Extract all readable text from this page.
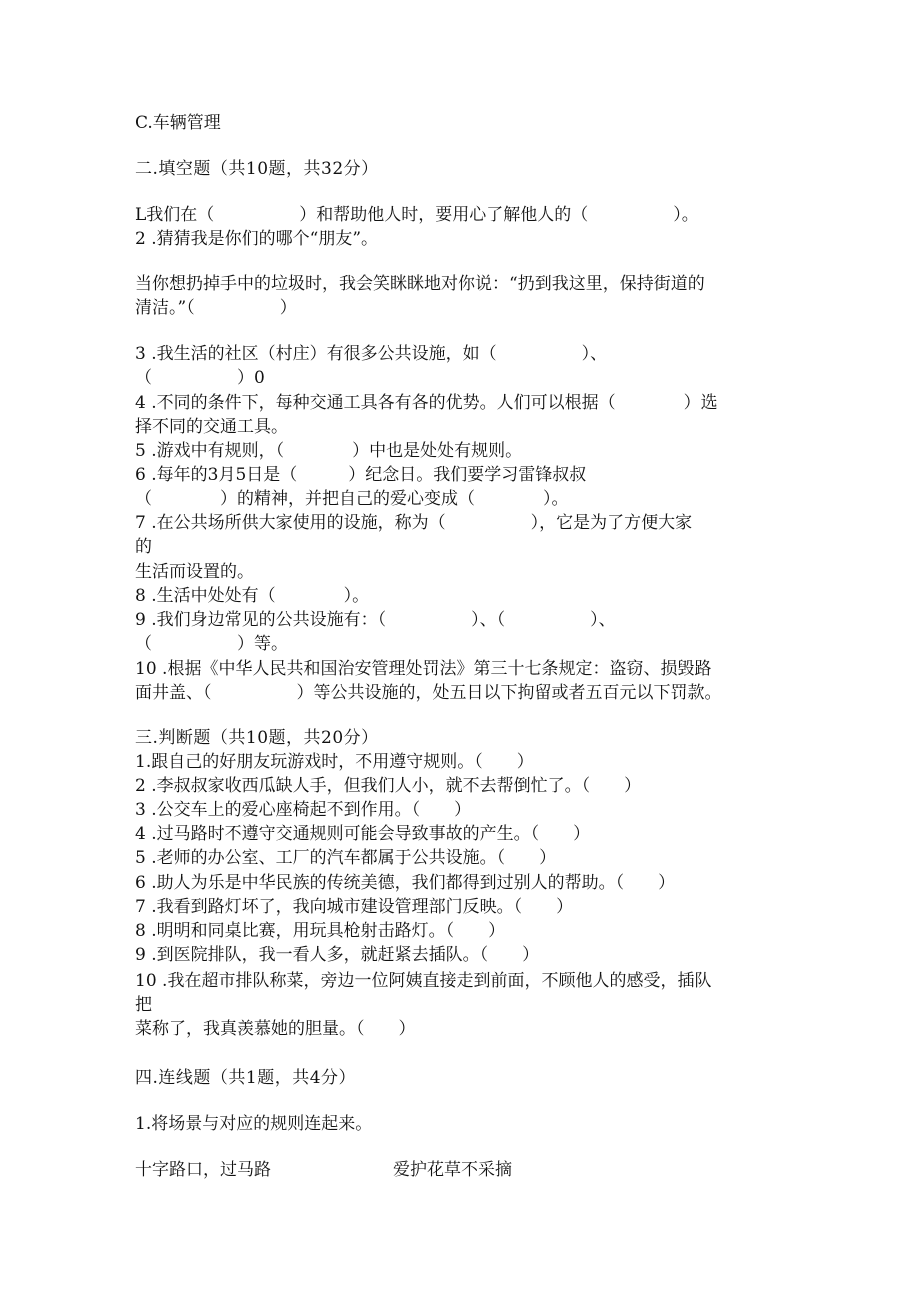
C.车辆管理
二.填空题（共10题，共32分）
L我们在（　　　　　）和帮助他人时，要用心了解他人的（　　　　　）。
2 .猜猜我是你们的哪个“朋友”。
当你想扔掉手中的垃圾时，我会笑眯眯地对你说：“扔到我这里，保持街道的
清洁。”（　　　　　）
3 .我生活的社区（村庄）有很多公共设施，如（　　　　　）、
（　　　　　）0
4 .不同的条件下，每种交通工具各有各的优势。人们可以根据（　　　　）选
择不同的交通工具。
5 .游戏中有规则，（　　　　）中也是处处有规则。
6 .每年的3月5日是（　　　）纪念日。我们要学习雷锋叔叔
（　　　　）的精神，并把自己的爱心变成（　　　　）。
7 .在公共场所供大家使用的设施，称为（　　　　　），它是为了方便大家
的
生活而设置的。
8 .生活中处处有（　　　　）。
9 .我们身边常见的公共设施有：（　　　　　）、（　　　　　）、
（　　　　　）等。
10 .根据《中华人民共和国治安管理处罚法》第三十七条规定：盗窃、损毁路
面井盖、（　　　　　）等公共设施的，处五日以下拘留或者五百元以下罚款。
三.判断题（共10题，共20分）
1.跟自己的好朋友玩游戏时，不用遵守规则。（　　）
2 .李叔叔家收西瓜缺人手，但我们人小，就不去帮倒忙了。（　　）
3 .公交车上的爱心座椅起不到作用。（　　）
4 .过马路时不遵守交通规则可能会导致事故的产生。（　　）
5 .老师的办公室、工厂的汽车都属于公共设施。（　　）
6 .助人为乐是中华民族的传统美德，我们都得到过别人的帮助。（　　）
7 .我看到路灯坏了，我向城市建设管理部门反映。（　　）
8 .明明和同桌比赛，用玩具枪射击路灯。（　　）
9 .到医院排队，我一看人多，就赶紧去插队。（　　）
10 .我在超市排队称菜，旁边一位阿姨直接走到前面，不顾他人的感受，插队
把
菜称了，我真羡慕她的胆量。（　　）
四.连线题（共1题，共4分）
1.将场景与对应的规则连起来。
十字路口，过马路	爱护花草不采摘
